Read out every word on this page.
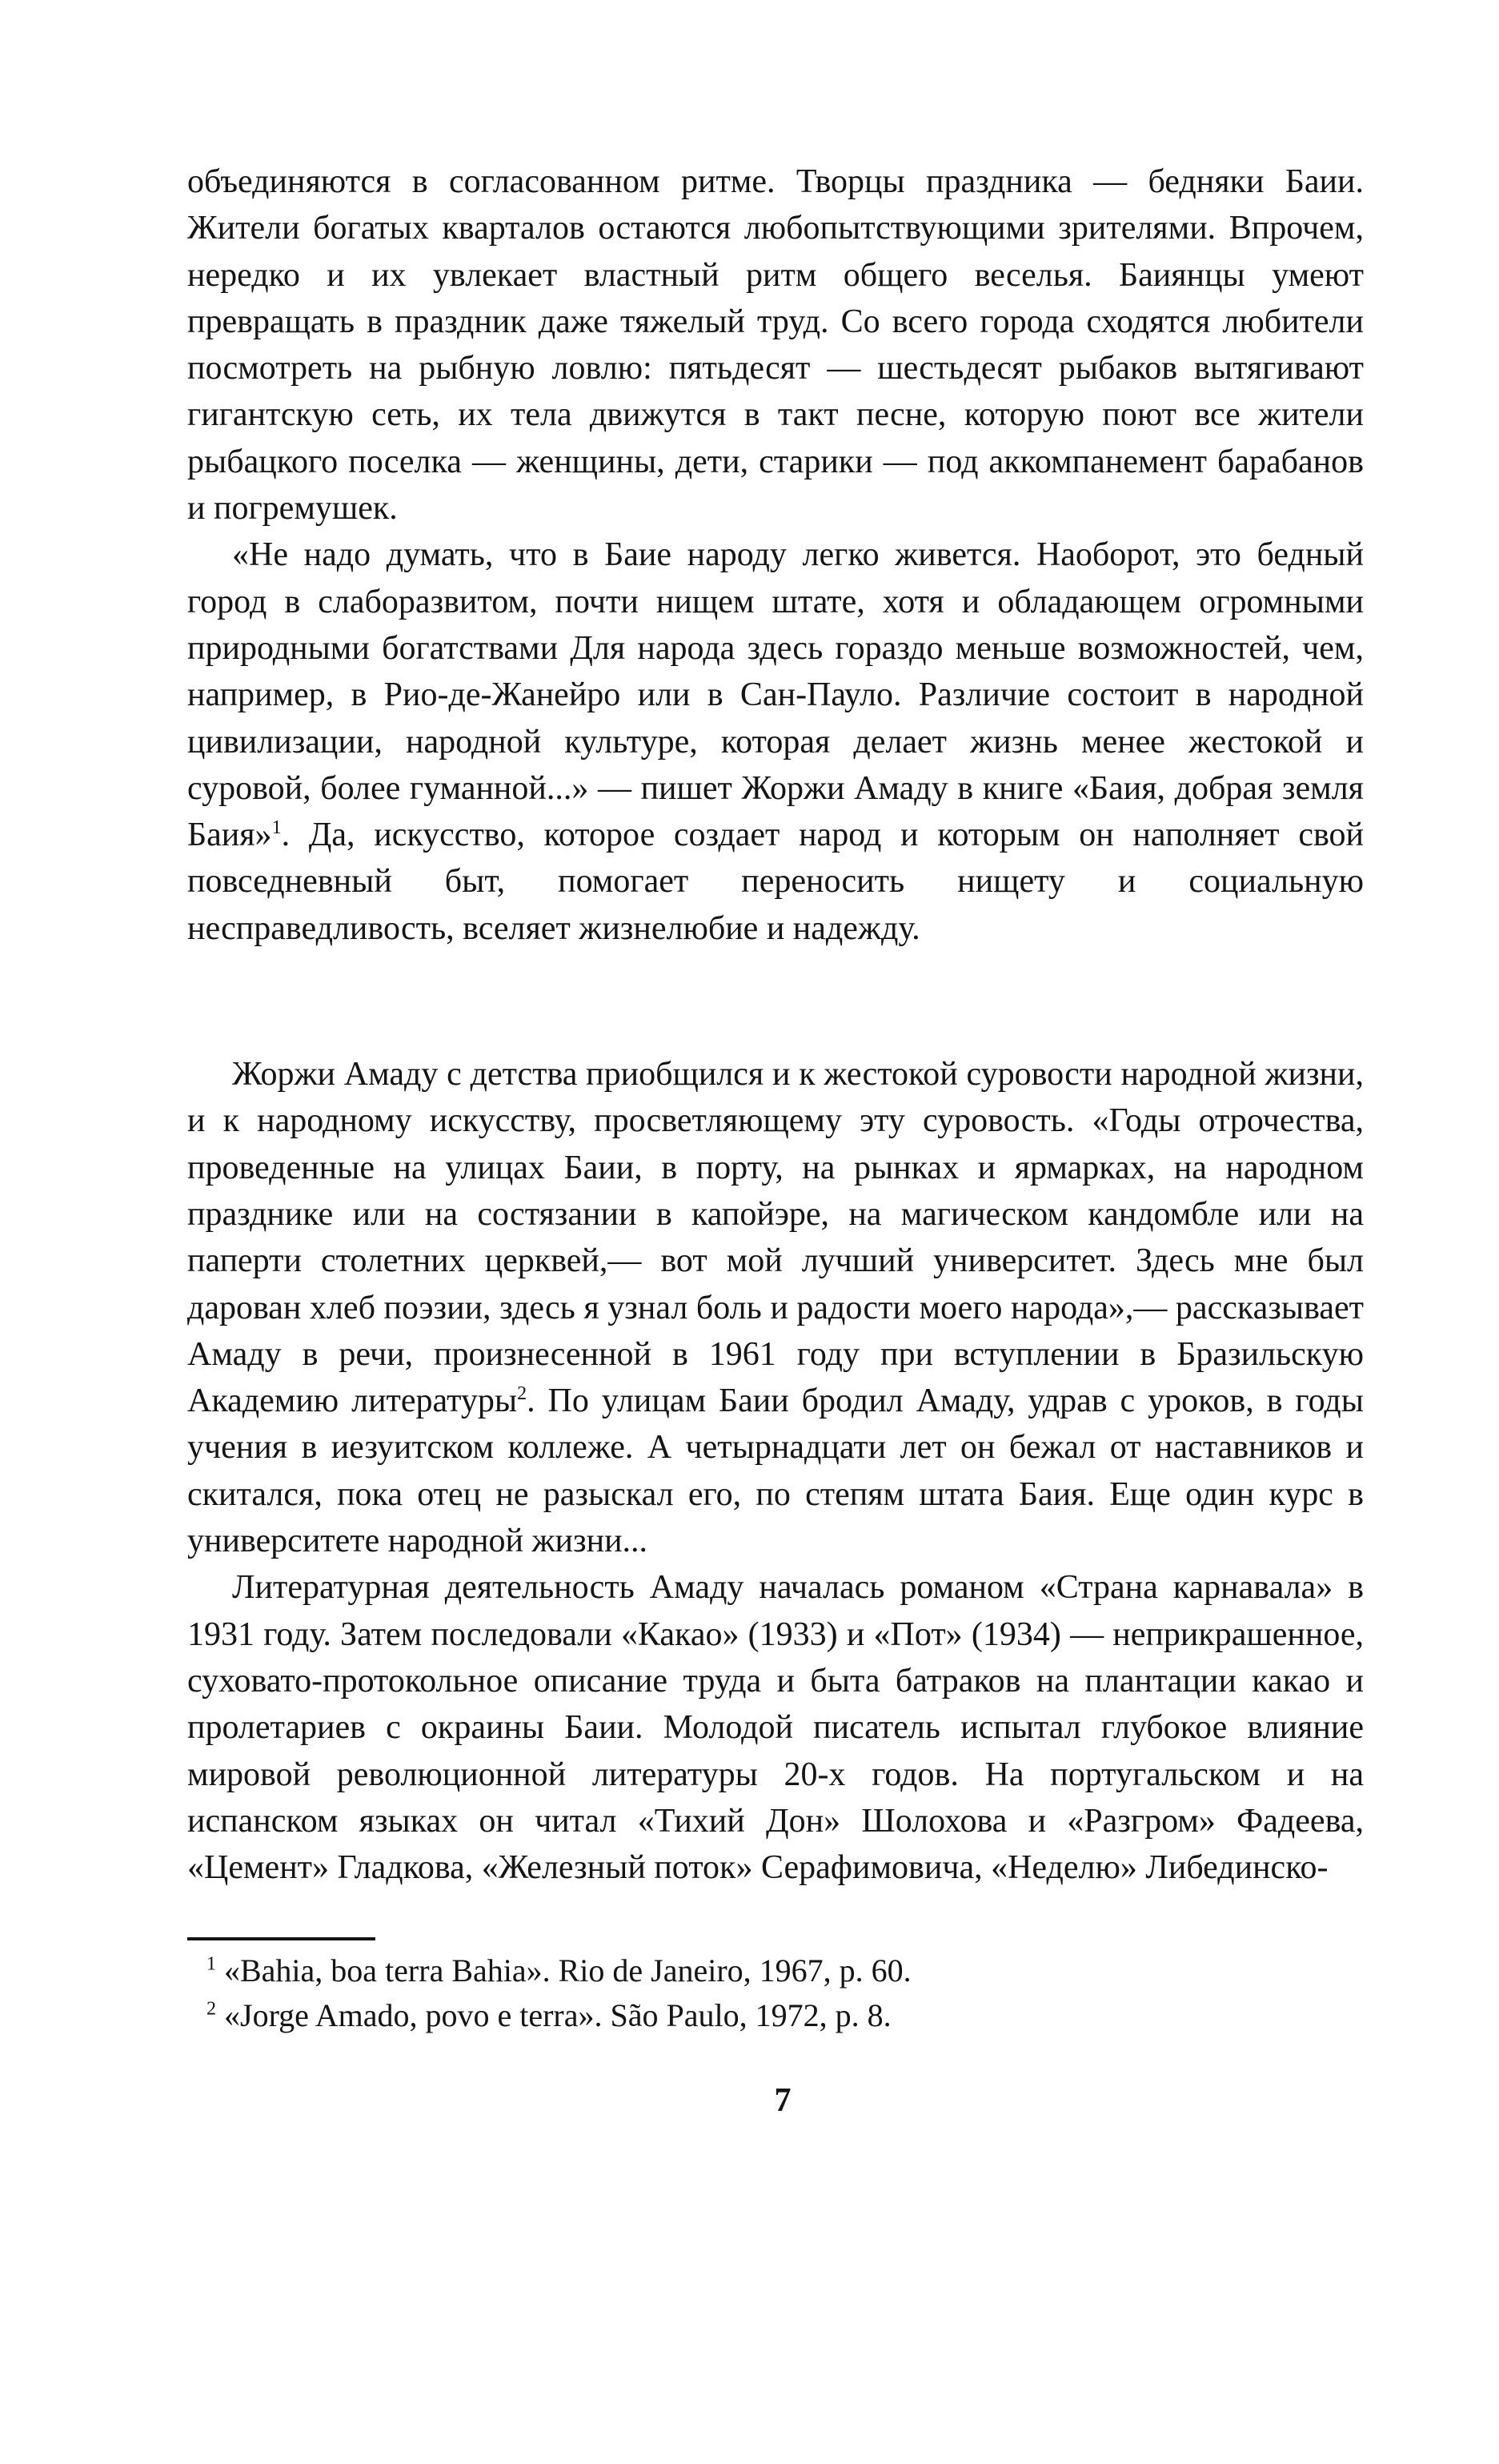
объединяются в согласованном ритме. Творцы праздника — бедняки Баии. Жители богатых кварталов остаются любопытствующими зрителями. Впрочем, нередко и их увлекает властный ритм общего веселья. Баиянцы умеют превращать в праздник даже тяжелый труд. Со всего города сходятся любители посмотреть на рыбную ловлю: пятьдесят — шестьдесят рыбаков вытягивают гигантскую сеть, их тела движутся в такт песне, которую поют все жители рыбацкого поселка — женщины, дети, старики — под аккомпанемент барабанов и погремушек.

«Не надо думать, что в Баие народу легко живется. Наоборот, это бедный город в слаборазвитом, почти нищем штате, хотя и обладающем огромными природными богатствами Для народа здесь гораздо меньше возможностей, чем, например, в Рио-де-Жанейро или в Сан-Пауло. Различие состоит в народной цивилизации, народной культуре, которая делает жизнь менее жестокой и суровой, более гуманной...» — пишет Жоржи Амаду в книге «Баия, добрая земля Баия»$^1$. Да, искусство, которое создает народ и которым он наполняет свой повседневный быт, помогает переносить нищету и социальную несправедливость, вселяет жизнелюбие и надежду.

Жоржи Амаду с детства приобщился и к жестокой суровости народной жизни, и к народному искусству, просветляющему эту суровость. «Годы отрочества, проведенные на улицах Баии, в порту, на рынках и ярмарках, на народном празднике или на состязании в капойэре, на магическом кандомбле или на паперти столетних церквей,— вот мой лучший университет. Здесь мне был дарован хлеб поэзии, здесь я узнал боль и радости моего народа»,— рассказывает Амаду в речи, произнесенной в 1961 году при вступлении в Бразильскую Академию литературы$^2$. По улицам Баии бродил Амаду, удрав с уроков, в годы учения в иезуитском коллеже. А четырнадцати лет он бежал от наставников и скитался, пока отец не разыскал его, по степям штата Баия. Еще один курс в университете народной жизни...

Литературная деятельность Амаду началась романом «Страна карнавала» в 1931 году. Затем последовали «Какао» (1933) и «Пот» (1934) — неприкрашенное, суховато-протокольное описание труда и быта батраков на плантации какао и пролетариев с окраины Баии. Молодой писатель испытал глубокое влияние мировой революционной литературы 20-х годов. На португальском и на испанском языках он читал «Тихий Дон» Шолохова и «Разгром» Фадеева, «Цемент» Гладкова, «Железный поток» Серафимовича, «Неделю» Либединско-

$^1$ «Bahia, boa terra Bahia». Rio de Janeiro, 1967, p. 60.

$^2$ «Jorge Amado, povo e terra». São Paulo, 1972, p. 8.

7
